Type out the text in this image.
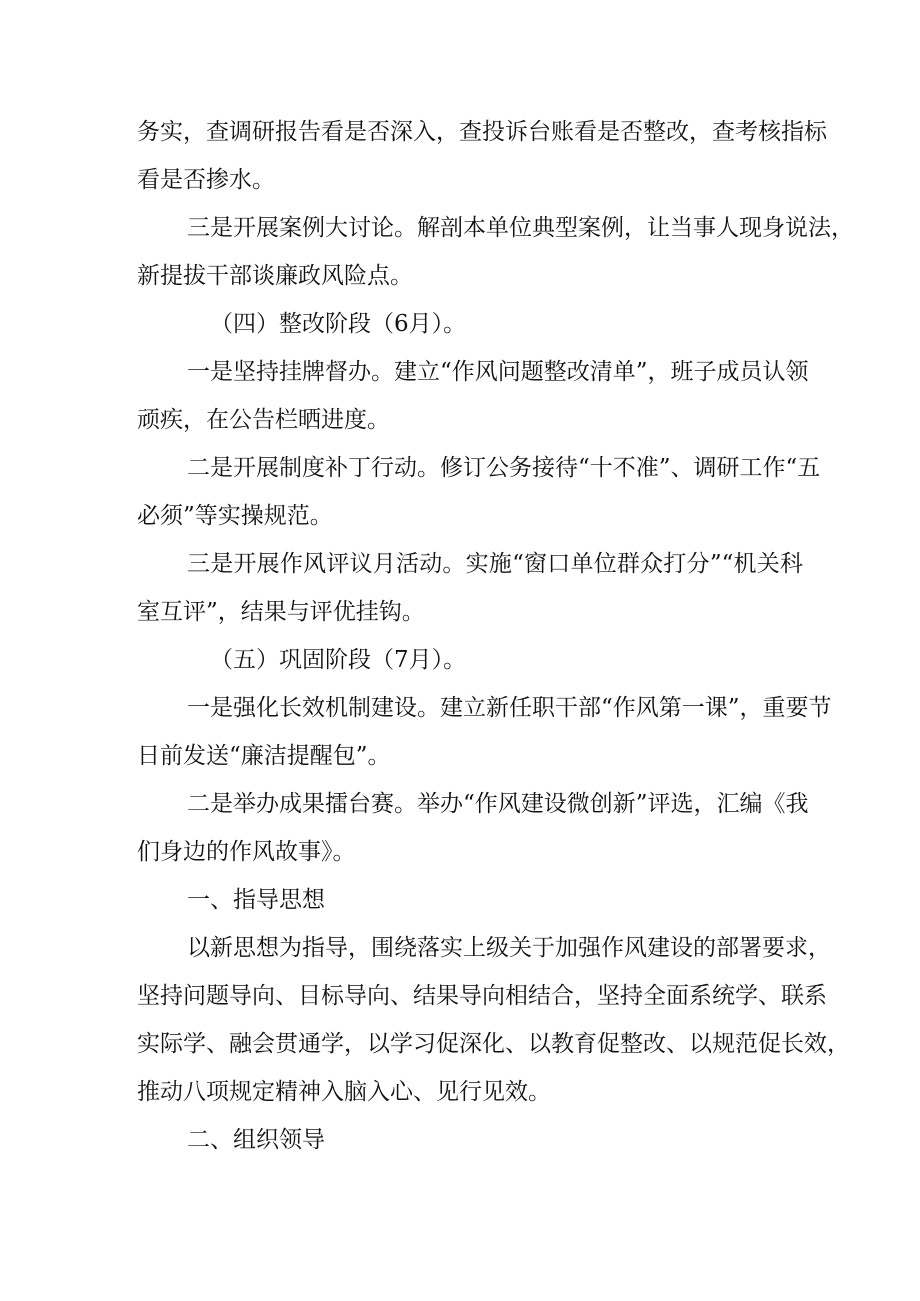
务实，查调研报告看是否深入，查投诉台账看是否整改，查考核指标
看是否掺水。
三是开展案例大讨论。解剖本单位典型案例，让当事人现身说法，
新提拔干部谈廉政风险点。
（四）整改阶段（6月）。
一是坚持挂牌督办。建立“作风问题整改清单”，班子成员认领
顽疾，在公告栏晒进度。
二是开展制度补丁行动。修订公务接待“十不准”、调研工作“五
必须”等实操规范。
三是开展作风评议月活动。实施“窗口单位群众打分”“机关科
室互评”，结果与评优挂钩。
（五）巩固阶段（7月）。
一是强化长效机制建设。建立新任职干部“作风第一课”，重要节
日前发送“廉洁提醒包”。
二是举办成果擂台赛。举办“作风建设微创新”评选，汇编《我
们身边的作风故事》。
一、指导思想
以新思想为指导，围绕落实上级关于加强作风建设的部署要求，
坚持问题导向、目标导向、结果导向相结合，坚持全面系统学、联系
实际学、融会贯通学，以学习促深化、以教育促整改、以规范促长效，
推动八项规定精神入脑入心、见行见效。
二、组织领导
